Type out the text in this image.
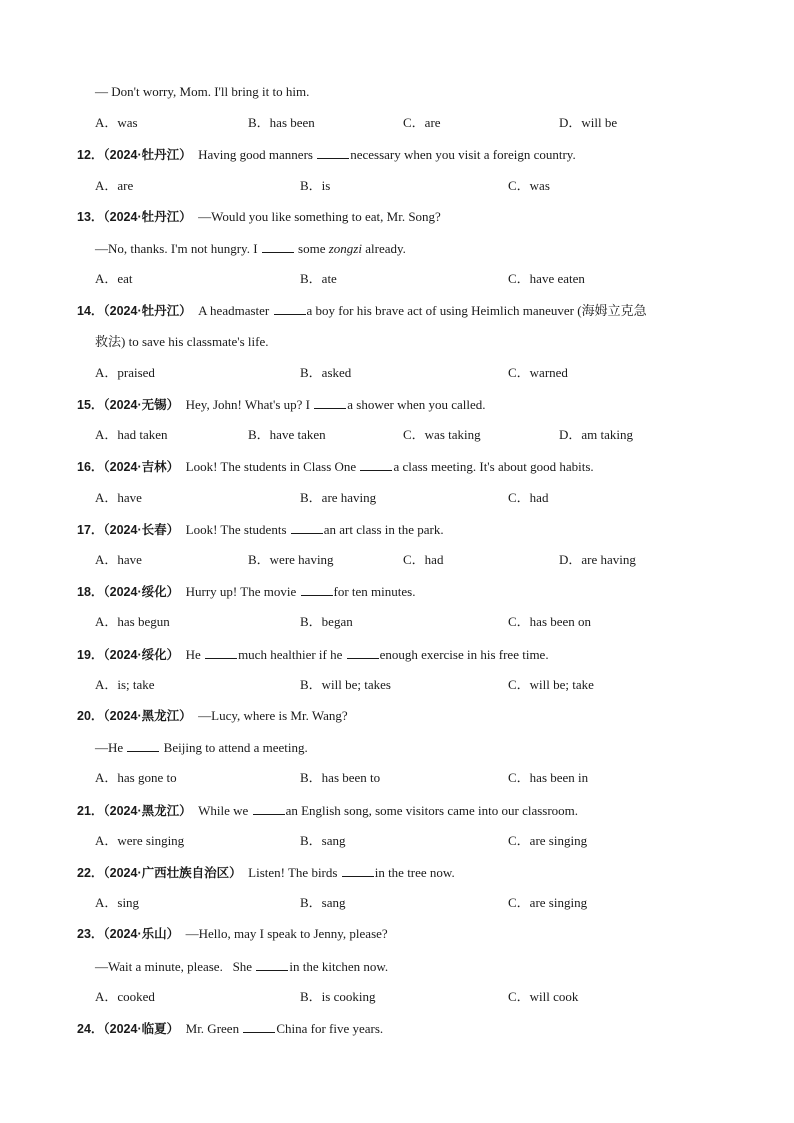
— Don't worry, Mom. I'll bring it to him.
A．was	B．has been	C．are	D．will be
12．（2024·牡丹江） Having good manners	necessary when you visit a foreign country.
A．are	B．is	C．was
13．（2024·牡丹江） —Would you like something to eat, Mr. Song?
—No, thanks. I'm not hungry. I	some zongzi already.
A．eat	B．ate	C．have eaten
14．（2024·牡丹江） A headmaster	a boy for his brave act of using Heimlich maneuver (海姆立克急
救法) to save his classmate's life.
A．praised	B．asked	C．warned
15．（2024·无锡） Hey, John! What's up? I	a shower when you called.
A．had taken	B．have taken	C．was taking	D．am taking
16．（2024·吉林） Look! The students in Class One	a class meeting. It's about good habits.
A．have	B．are having	C．had
17．（2024·长春） Look! The students	an art class in the park.
A．have	B．were having	C．had	D．are having
18．（2024·绥化） Hurry up! The movie	for ten minutes.
A．has begun	B．began	C．has been on
19．（2024·绥化） He	much healthier if he	enough exercise in his free time.
A．is; take	B．will be; takes	C．will be; take
20．（2024·黑龙江） —Lucy, where is Mr. Wang?
—He	Beijing to attend a meeting.
A．has gone to	B．has been to	C．has been in
21．（2024·黑龙江） While we	an English song, some visitors came into our classroom.
A．were singing	B．sang	C．are singing
22．（2024·广西壮族自治区） Listen! The birds	in the tree now.
A．sing	B．sang	C．are singing
23．（2024·乐山） —Hello, may I speak to Jenny, please?
—Wait a minute, please.   She	in the kitchen now.
A．cooked	B．is cooking	C．will cook
24．（2024·临夏） Mr. Green	China for five years.
